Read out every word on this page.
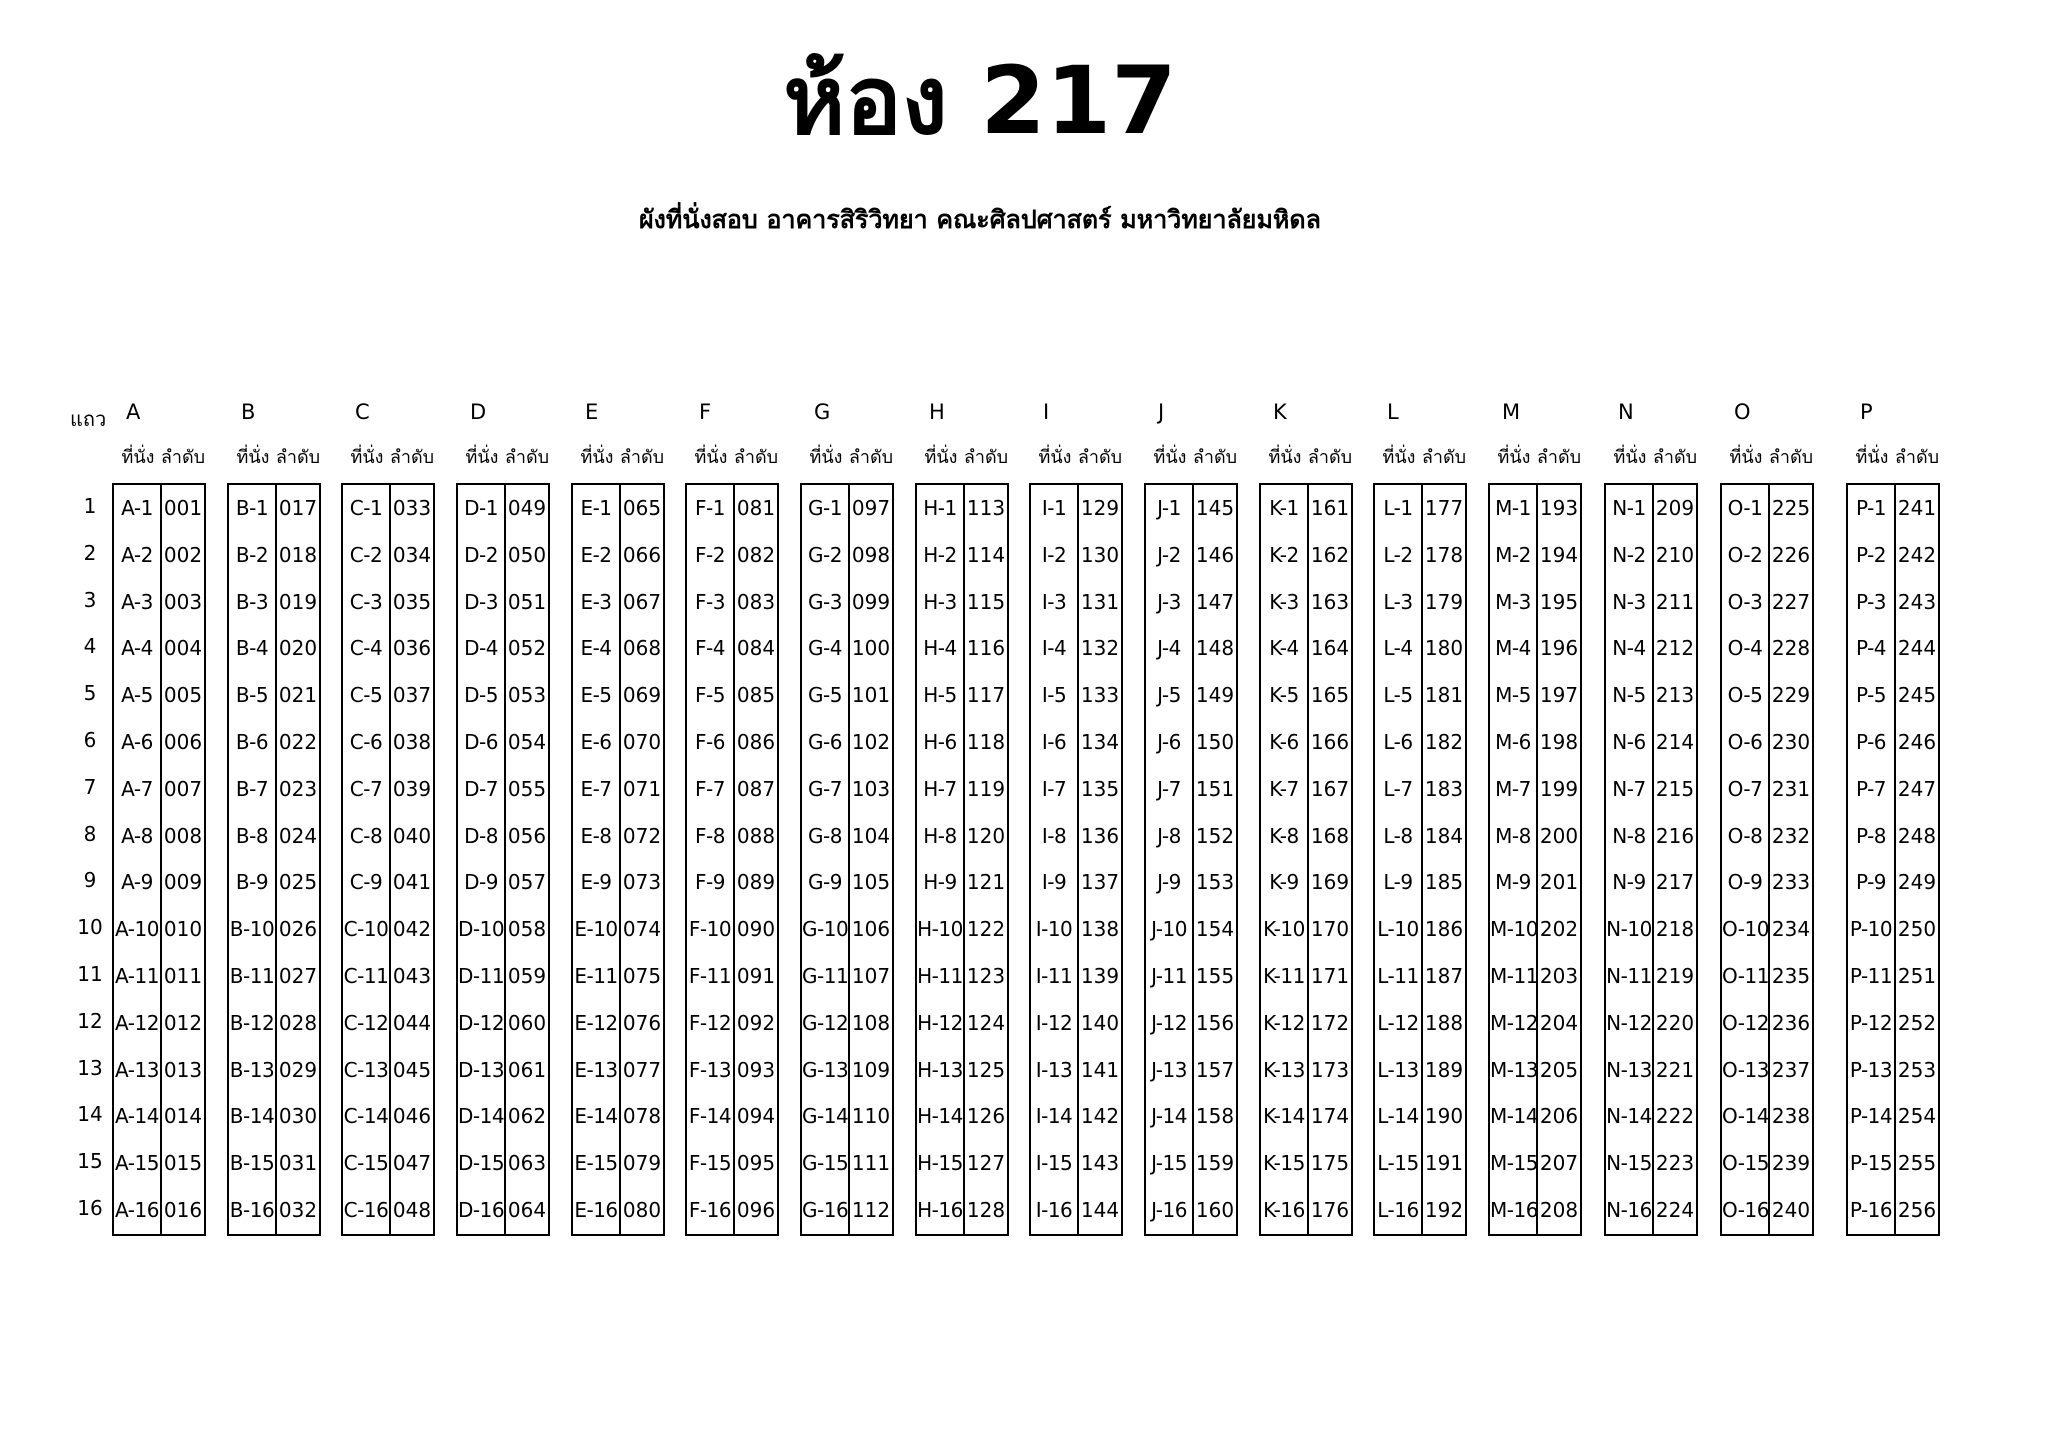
ห้อง 217
ผังที่นั่งสอบ อาคารสิริวิทยา คณะศิลปศาสตร์ มหาวิทยาลัยมหิดล
แถว
1
2
3
4
5
6
7
8
9
10
11
12
13
14
15
16
A
ที่นั่ง ลำดับ
A-1 001
A-2 002
A-3 003
A-4 004
A-5 005
A-6 006
A-7 007
A-8 008
A-9 009
A-10 010
A-11 011
A-12 012
A-13 013
A-14 014
A-15 015
A-16 016
B
ที่นั่ง ลำดับ
B-1 017
B-2 018
B-3 019
B-4 020
B-5 021
B-6 022
B-7 023
B-8 024
B-9 025
B-10 026
B-11 027
B-12 028
B-13 029
B-14 030
B-15 031
B-16 032
C
ที่นั่ง ลำดับ
C-1 033
C-2 034
C-3 035
C-4 036
C-5 037
C-6 038
C-7 039
C-8 040
C-9 041
C-10 042
C-11 043
C-12 044
C-13 045
C-14 046
C-15 047
C-16 048
D
ที่นั่ง ลำดับ
D-1 049
D-2 050
D-3 051
D-4 052
D-5 053
D-6 054
D-7 055
D-8 056
D-9 057
D-10 058
D-11 059
D-12 060
D-13 061
D-14 062
D-15 063
D-16 064
E
ที่นั่ง ลำดับ
E-1 065
E-2 066
E-3 067
E-4 068
E-5 069
E-6 070
E-7 071
E-8 072
E-9 073
E-10 074
E-11 075
E-12 076
E-13 077
E-14 078
E-15 079
E-16 080
F
ที่นั่ง ลำดับ
F-1 081
F-2 082
F-3 083
F-4 084
F-5 085
F-6 086
F-7 087
F-8 088
F-9 089
F-10 090
F-11 091
F-12 092
F-13 093
F-14 094
F-15 095
F-16 096
G
ที่นั่ง ลำดับ
G-1 097
G-2 098
G-3 099
G-4 100
G-5 101
G-6 102
G-7 103
G-8 104
G-9 105
G-10 106
G-11 107
G-12 108
G-13 109
G-14 110
G-15 111
G-16 112
H
ที่นั่ง ลำดับ
H-1 113
H-2 114
H-3 115
H-4 116
H-5 117
H-6 118
H-7 119
H-8 120
H-9 121
H-10 122
H-11 123
H-12 124
H-13 125
H-14 126
H-15 127
H-16 128
I
ที่นั่ง ลำดับ
I-1 129
I-2 130
I-3 131
I-4 132
I-5 133
I-6 134
I-7 135
I-8 136
I-9 137
I-10 138
I-11 139
I-12 140
I-13 141
I-14 142
I-15 143
I-16 144
J
ที่นั่ง ลำดับ
J-1 145
J-2 146
J-3 147
J-4 148
J-5 149
J-6 150
J-7 151
J-8 152
J-9 153
J-10 154
J-11 155
J-12 156
J-13 157
J-14 158
J-15 159
J-16 160
K
ที่นั่ง ลำดับ
K-1 161
K-2 162
K-3 163
K-4 164
K-5 165
K-6 166
K-7 167
K-8 168
K-9 169
K-10 170
K-11 171
K-12 172
K-13 173
K-14 174
K-15 175
K-16 176
L
ที่นั่ง ลำดับ
L-1 177
L-2 178
L-3 179
L-4 180
L-5 181
L-6 182
L-7 183
L-8 184
L-9 185
L-10 186
L-11 187
L-12 188
L-13 189
L-14 190
L-15 191
L-16 192
M
ที่นั่ง ลำดับ
M-1 193
M-2 194
M-3 195
M-4 196
M-5 197
M-6 198
M-7 199
M-8 200
M-9 201
M-10 202
M-11 203
M-12 204
M-13 205
M-14 206
M-15 207
M-16 208
N
ที่นั่ง ลำดับ
N-1 209
N-2 210
N-3 211
N-4 212
N-5 213
N-6 214
N-7 215
N-8 216
N-9 217
N-10 218
N-11 219
N-12 220
N-13 221
N-14 222
N-15 223
N-16 224
O
ที่นั่ง ลำดับ
O-1 225
O-2 226
O-3 227
O-4 228
O-5 229
O-6 230
O-7 231
O-8 232
O-9 233
O-10 234
O-11 235
O-12 236
O-13 237
O-14 238
O-15 239
O-16 240
P
ที่นั่ง ลำดับ
P-1 241
P-2 242
P-3 243
P-4 244
P-5 245
P-6 246
P-7 247
P-8 248
P-9 249
P-10 250
P-11 251
P-12 252
P-13 253
P-14 254
P-15 255
P-16 256
